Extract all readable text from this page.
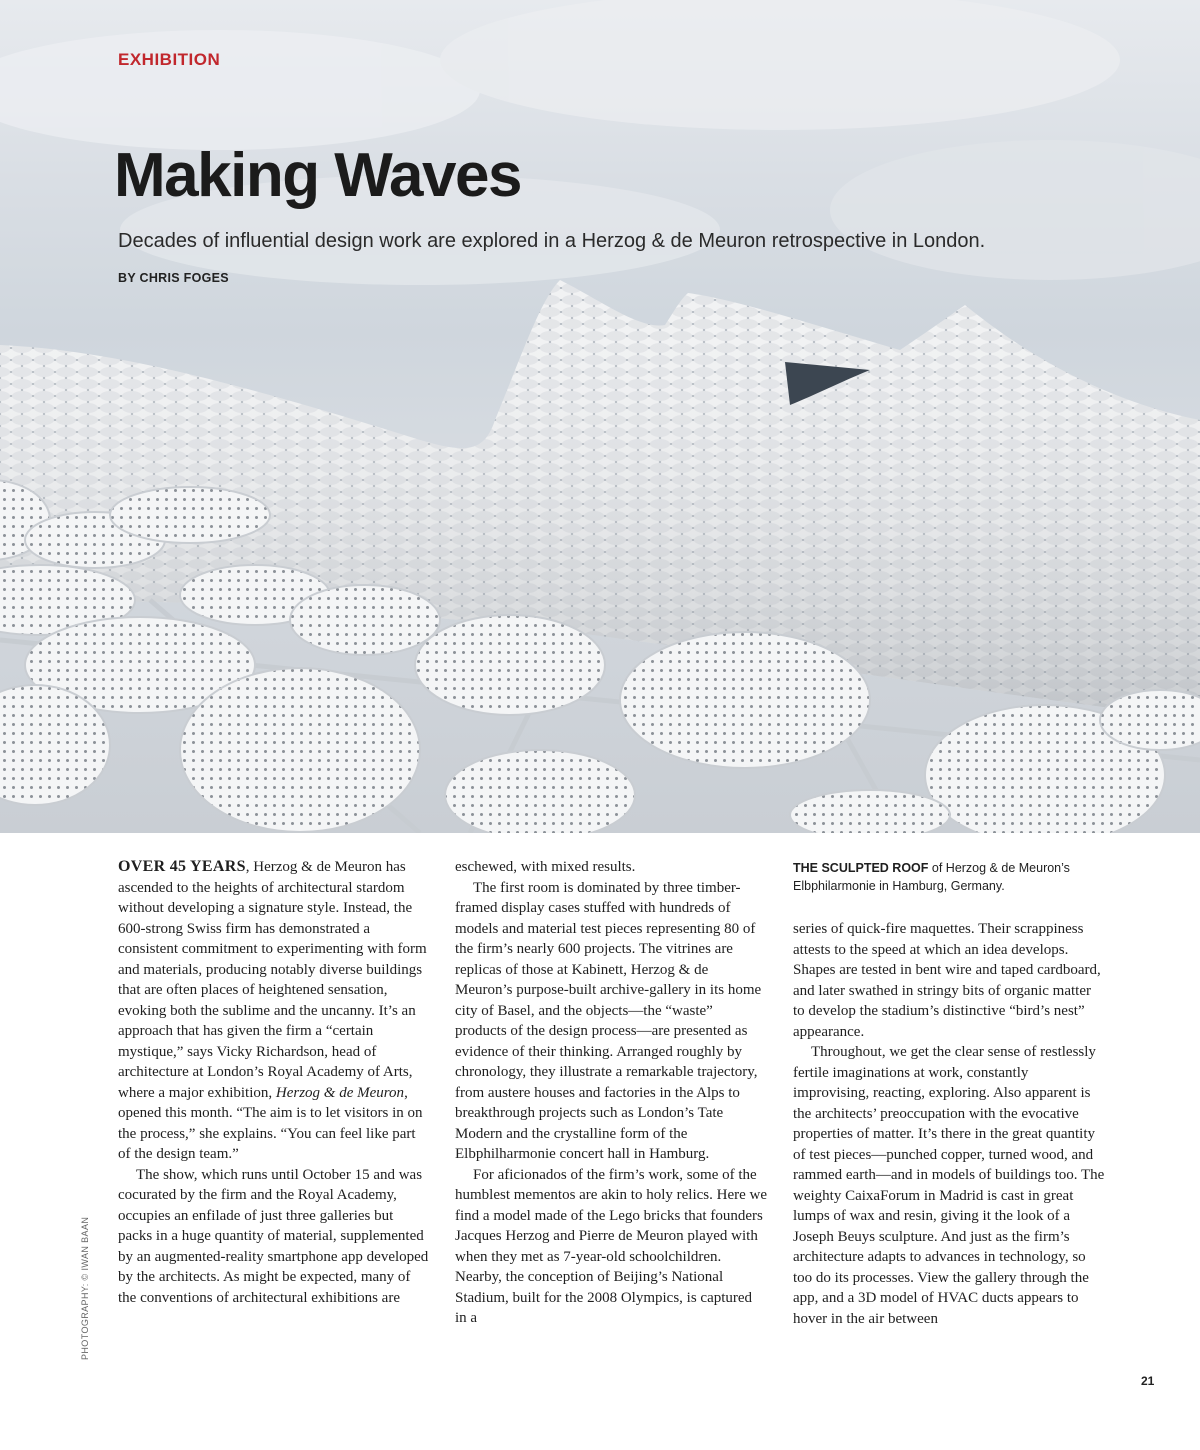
EXHIBITION
Making Waves
Decades of influential design work are explored in a Herzog & de Meuron retrospective in London.
BY CHRIS FOGES

OVER 45 YEARS, Herzog & de Meuron has ascended to the heights of architectural stardom without developing a signature style. Instead, the 600-strong Swiss firm has demonstrated a consistent commitment to experimenting with form and materials, producing notably diverse buildings that are often places of heightened sensation, evoking both the sublime and the uncanny. It’s an approach that has given the firm a “certain mystique,” says Vicky Richardson, head of architecture at London’s Royal Academy of Arts, where a major exhibition, Herzog & de Meuron, opened this month. “The aim is to let visitors in on the process,” she explains. “You can feel like part of the design team.”

The show, which runs until October 15 and was cocurated by the firm and the Royal Academy, occupies an enfilade of just three galleries but packs in a huge quantity of material, supplemented by an augmented-reality smartphone app developed by the architects. As might be expected, many of the conventions of architectural exhibitions are

eschewed, with mixed results.

The first room is dominated by three timber-framed display cases stuffed with hundreds of models and material test pieces representing 80 of the firm’s nearly 600 projects. The vitrines are replicas of those at Kabinett, Herzog & de Meuron’s purpose-built archive-gallery in its home city of Basel, and the objects—the “waste” products of the design process—are presented as evidence of their thinking. Arranged roughly by chronology, they illustrate a remarkable trajectory, from austere houses and factories in the Alps to breakthrough projects such as London’s Tate Modern and the crystalline form of the Elbphilharmonie concert hall in Hamburg.

For aficionados of the firm’s work, some of the humblest mementos are akin to holy relics. Here we find a model made of the Lego bricks that founders Jacques Herzog and Pierre de Meuron played with when they met as 7-year-old schoolchildren. Nearby, the conception of Beijing’s National Stadium, built for the 2008 Olympics, is captured in a

THE SCULPTED ROOF of Herzog & de Meuron’s Elbphilarmonie in Hamburg, Germany.

series of quick-fire maquettes. Their scrappiness attests to the speed at which an idea develops. Shapes are tested in bent wire and taped cardboard, and later swathed in stringy bits of organic matter to develop the stadium’s distinctive “bird’s nest” appearance.

Throughout, we get the clear sense of restlessly fertile imaginations at work, constantly improvising, reacting, exploring. Also apparent is the architects’ preoccupation with the evocative properties of matter. It’s there in the great quantity of test pieces—punched copper, turned wood, and rammed earth—and in models of buildings too. The weighty CaixaForum in Madrid is cast in great lumps of wax and resin, giving it the look of a Joseph Beuys sculpture. And just as the firm’s architecture adapts to advances in technology, so too do its processes. View the gallery through the app, and a 3D model of HVAC ducts appears to hover in the air between

PHOTOGRAPHY: © IWAN BAAN
21
